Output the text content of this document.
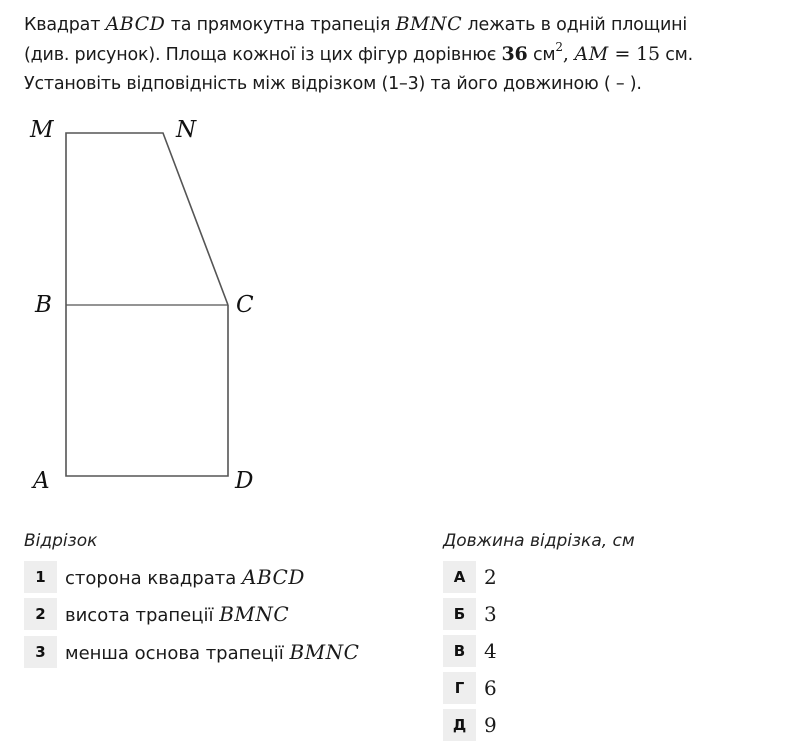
Квадрат ABCD та прямокутна трапеція BMNC лежать в одній площині
(див. рисунок). Площа кожної із цих фігур дорівнює 36 $см^2$, AM = 15 см.
Установіть відповідність між відрізком (1–3) та його довжиною ( – ).
M	N
B	C
A	D
Відрізок
1	сторона квадрата ABCD
2	висота трапеції BMNC
3	менша основа трапеції BMNC
Довжина відрізка, см
А 2
Б 3
В 4
Г 6
Д 9
